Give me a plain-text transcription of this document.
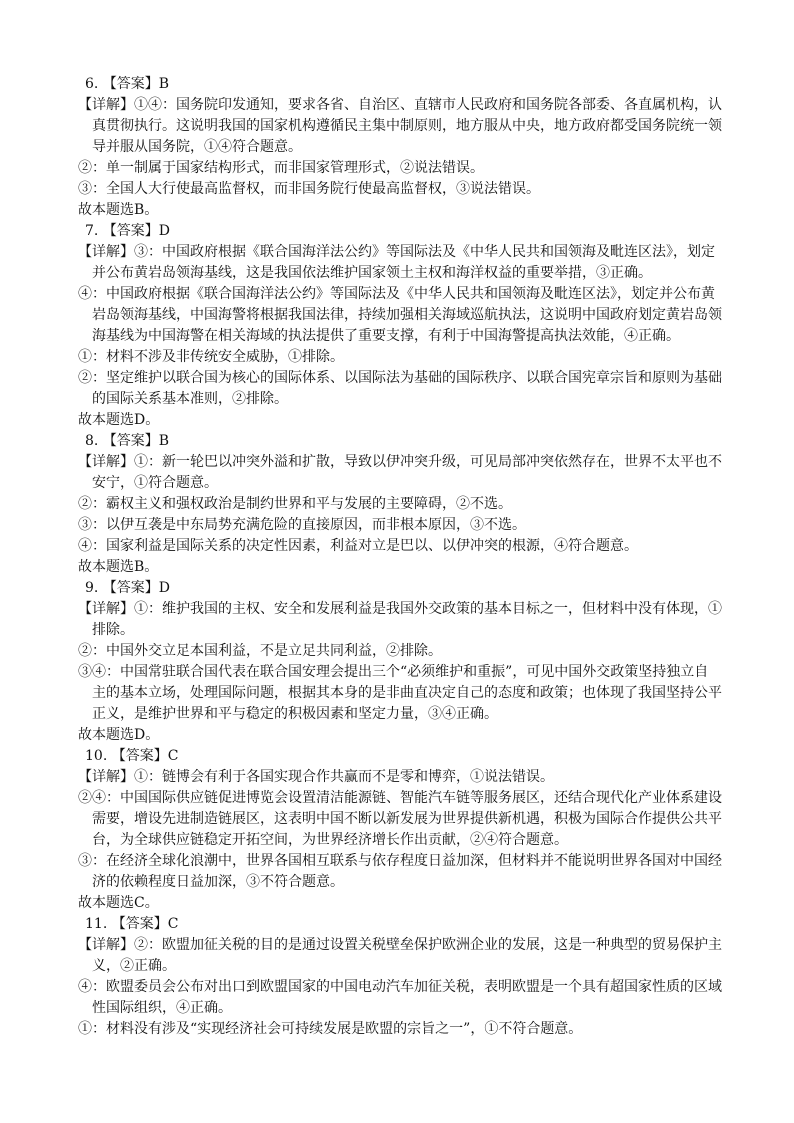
6. 【答案】B
【详解】①④：国务院印发通知，要求各省、自治区、直辖市人民政府和国务院各部委、各直属机构，认
真贯彻执行。这说明我国的国家机构遵循民主集中制原则，地方服从中央，地方政府都受国务院统一领
导并服从国务院，①④符合题意。
②：单一制属于国家结构形式，而非国家管理形式，②说法错误。
③：全国人大行使最高监督权，而非国务院行使最高监督权，③说法错误。
故本题选B。
7. 【答案】D
【详解】③：中国政府根据《联合国海洋法公约》等国际法及《中华人民共和国领海及毗连区法》，划定
并公布黄岩岛领海基线，这是我国依法维护国家领土主权和海洋权益的重要举措，③正确。
④：中国政府根据《联合国海洋法公约》等国际法及《中华人民共和国领海及毗连区法》，划定并公布黄
岩岛领海基线，中国海警将根据我国法律，持续加强相关海域巡航执法，这说明中国政府划定黄岩岛领
海基线为中国海警在相关海域的执法提供了重要支撑，有利于中国海警提高执法效能，④正确。
①：材料不涉及非传统安全威胁，①排除。
②：坚定维护以联合国为核心的国际体系、以国际法为基础的国际秩序、以联合国宪章宗旨和原则为基础
的国际关系基本准则，②排除。
故本题选D。
8. 【答案】B
【详解】①：新一轮巴以冲突外溢和扩散，导致以伊冲突升级，可见局部冲突依然存在，世界不太平也不
安宁，①符合题意。
②：霸权主义和强权政治是制约世界和平与发展的主要障碍，②不选。
③：以伊互袭是中东局势充满危险的直接原因，而非根本原因，③不选。
④：国家利益是国际关系的决定性因素，利益对立是巴以、以伊冲突的根源，④符合题意。
故本题选B。
9. 【答案】D
【详解】①：维护我国的主权、安全和发展利益是我国外交政策的基本目标之一，但材料中没有体现，①
排除。
②：中国外交立足本国利益，不是立足共同利益，②排除。
③④：中国常驻联合国代表在联合国安理会提出三个“必须维护和重振”，可见中国外交政策坚持独立自
主的基本立场，处理国际问题，根据其本身的是非曲直决定自己的态度和政策；也体现了我国坚持公平
正义，是维护世界和平与稳定的积极因素和坚定力量，③④正确。
故本题选D。
10. 【答案】C
【详解】①：链博会有利于各国实现合作共赢而不是零和博弈，①说法错误。
②④：中国国际供应链促进博览会设置清洁能源链、智能汽车链等服务展区，还结合现代化产业体系建设
需要，增设先进制造链展区，这表明中国不断以新发展为世界提供新机遇，积极为国际合作提供公共平
台，为全球供应链稳定开拓空间，为世界经济增长作出贡献，②④符合题意。
③：在经济全球化浪潮中，世界各国相互联系与依存程度日益加深，但材料并不能说明世界各国对中国经
济的依赖程度日益加深，③不符合题意。
故本题选C。
11. 【答案】C
【详解】②：欧盟加征关税的目的是通过设置关税壁垒保护欧洲企业的发展，这是一种典型的贸易保护主
义，②正确。
④：欧盟委员会公布对出口到欧盟国家的中国电动汽车加征关税，表明欧盟是一个具有超国家性质的区域
性国际组织，④正确。
①：材料没有涉及“实现经济社会可持续发展是欧盟的宗旨之一”，①不符合题意。
